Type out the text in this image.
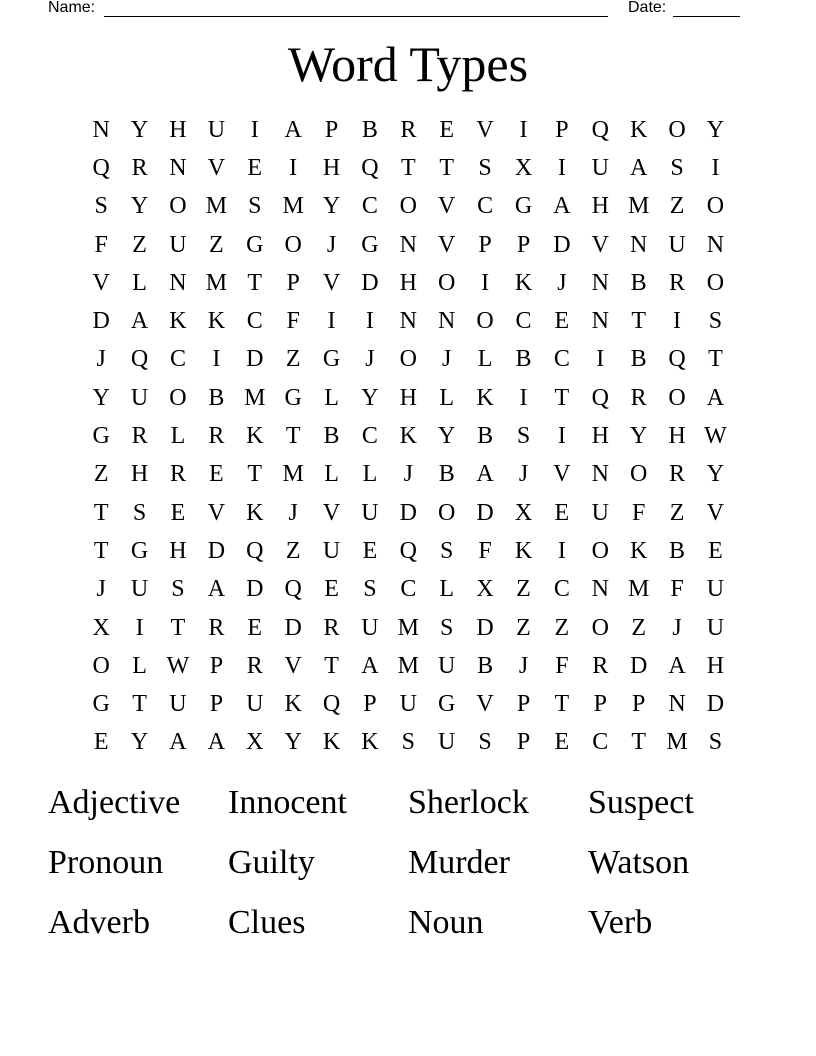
Name:	Date:
Word Types
N Y H U	I	A P B R E V	I	P Q K O Y
Q R N V E	I	H Q T T	S X	I	U A S	I
S Y O M S M Y C O V C G A H M Z O
F	Z U Z G O	J	G N V P	P D V N U N
V L N M T	P V D H O	I	K	J	N B R O
D A K K C F	I	I	N N O C E N T	I	S
J	Q C	I	D Z G	J	O	J	L B C	I	B Q T
Y U O B M G L Y H L K	I	T Q R O A
G R L R K T B C K Y B S	I	H Y H W
Z H R E T M L L	J	B A	J	V N O R Y
T	S	E V K	J	V U D O D X E U F	Z V
T G H D Q Z U E Q S	F K	I	O K B E
J	U S A D Q E	S C L X Z C N M F U
X	I	T R E D R U M S D Z Z O Z	J	U
O L W P R V T A M U B	J	F R D A H
G T U P U K Q P U G V P	T	P	P N D
E Y A A X Y K K S U S	P	E C T M S
Adjective	Innocent	Sherlock	Suspect
Pronoun	Guilty	Murder	Watson
Adverb	Clues	Noun	Verb
